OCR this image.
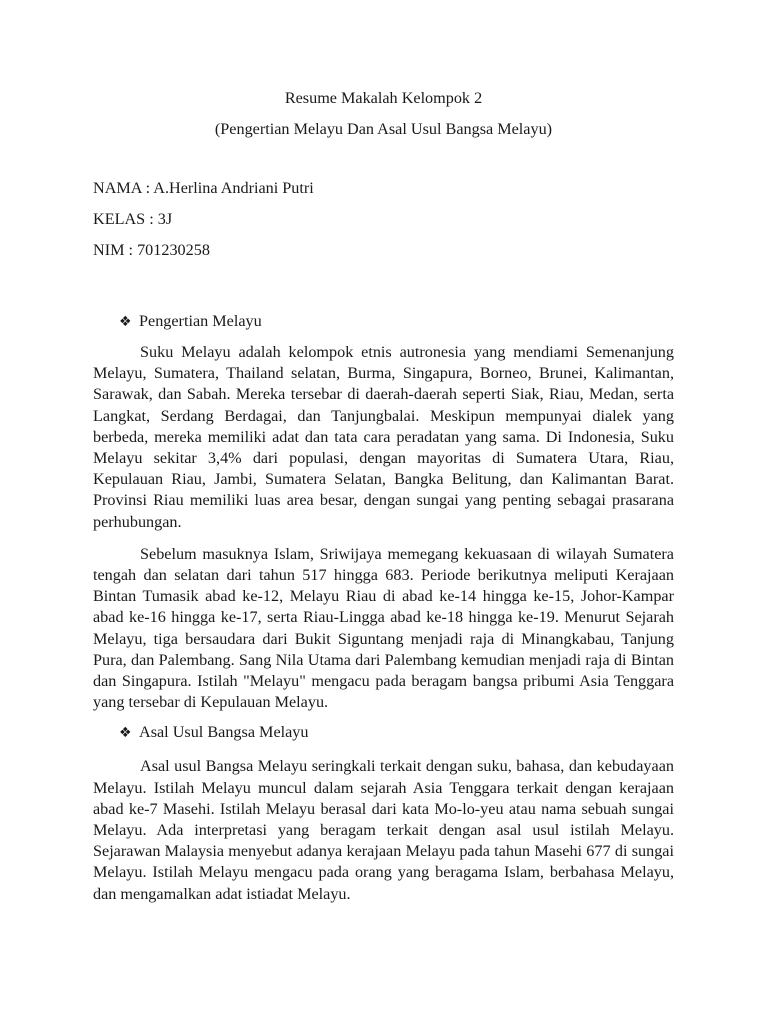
Resume Makalah Kelompok 2

(Pengertian Melayu Dan Asal Usul Bangsa Melayu)

NAMA : A.Herlina Andriani Putri

KELAS : 3J

NIM : 701230258

❖ Pengertian Melayu

Suku Melayu adalah kelompok etnis autronesia yang mendiami Semenanjung Melayu, Sumatera, Thailand selatan, Burma, Singapura, Borneo, Brunei, Kalimantan, Sarawak, dan Sabah. Mereka tersebar di daerah-daerah seperti Siak, Riau, Medan, serta Langkat, Serdang Berdagai, dan Tanjungbalai. Meskipun mempunyai dialek yang berbeda, mereka memiliki adat dan tata cara peradatan yang sama. Di Indonesia, Suku Melayu sekitar 3,4% dari populasi, dengan mayoritas di Sumatera Utara, Riau, Kepulauan Riau, Jambi, Sumatera Selatan, Bangka Belitung, dan Kalimantan Barat. Provinsi Riau memiliki luas area besar, dengan sungai yang penting sebagai prasarana perhubungan.

Sebelum masuknya Islam, Sriwijaya memegang kekuasaan di wilayah Sumatera tengah dan selatan dari tahun 517 hingga 683. Periode berikutnya meliputi Kerajaan Bintan Tumasik abad ke-12, Melayu Riau di abad ke-14 hingga ke-15, Johor-Kampar abad ke-16 hingga ke-17, serta Riau-Lingga abad ke-18 hingga ke-19. Menurut Sejarah Melayu, tiga bersaudara dari Bukit Siguntang menjadi raja di Minangkabau, Tanjung Pura, dan Palembang. Sang Nila Utama dari Palembang kemudian menjadi raja di Bintan dan Singapura. Istilah "Melayu" mengacu pada beragam bangsa pribumi Asia Tenggara yang tersebar di Kepulauan Melayu.

❖ Asal Usul Bangsa Melayu

Asal usul Bangsa Melayu seringkali terkait dengan suku, bahasa, dan kebudayaan Melayu. Istilah Melayu muncul dalam sejarah Asia Tenggara terkait dengan kerajaan abad ke-7 Masehi. Istilah Melayu berasal dari kata Mo-lo-yeu atau nama sebuah sungai Melayu. Ada interpretasi yang beragam terkait dengan asal usul istilah Melayu. Sejarawan Malaysia menyebut adanya kerajaan Melayu pada tahun Masehi 677 di sungai Melayu. Istilah Melayu mengacu pada orang yang beragama Islam, berbahasa Melayu, dan mengamalkan adat istiadat Melayu.
